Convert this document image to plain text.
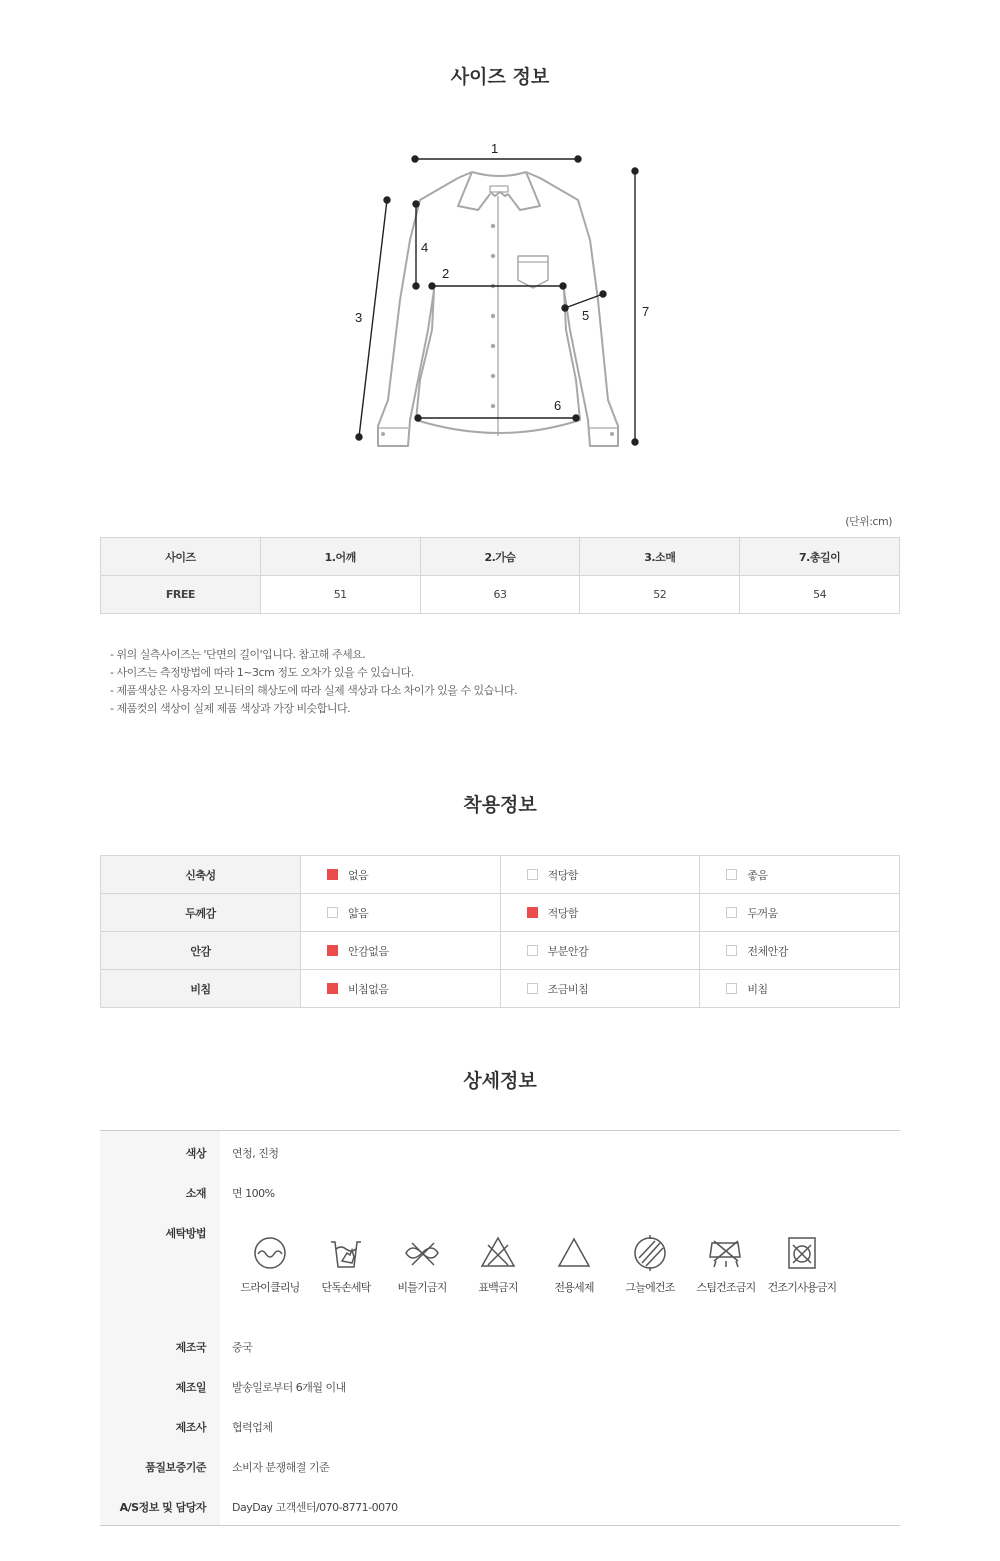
사이즈 정보
1
2
3
4
5
6
7
(단위:cm)
사이즈	1.어깨	2.가슴	3.소매	7.총길이
FREE	51	63	52	54
- 위의 실측사이즈는 '단면의 길이'입니다. 참고해 주세요.
- 사이즈는 측정방법에 따라 1~3cm 정도 오차가 있을 수 있습니다.
- 제품색상은 사용자의 모니터의 해상도에 따라 실제 색상과 다소 차이가 있을 수 있습니다.
- 제품컷의 색상이 실제 제품 색상과 가장 비슷합니다.
착용정보
신축성	없음	적당함	좋음
두께감	얇음	적당함	두꺼움
안감	안감없음	부분안감	전체안감
비침	비침없음	조금비침	비침
상세정보
색상	연청, 진청
소재	면 100%
세탁방법
드라이클리닝	단독손세탁	비틀기금지	표백금지	전용세제	그늘에건조	스팀건조금지	건조기사용금지
제조국	중국
제조일	발송일로부터 6개월 이내
제조사	협력업체
품질보증기준	소비자 분쟁해결 기준
A/S정보 및 담당자	DayDay 고객센터/070-8771-0070
